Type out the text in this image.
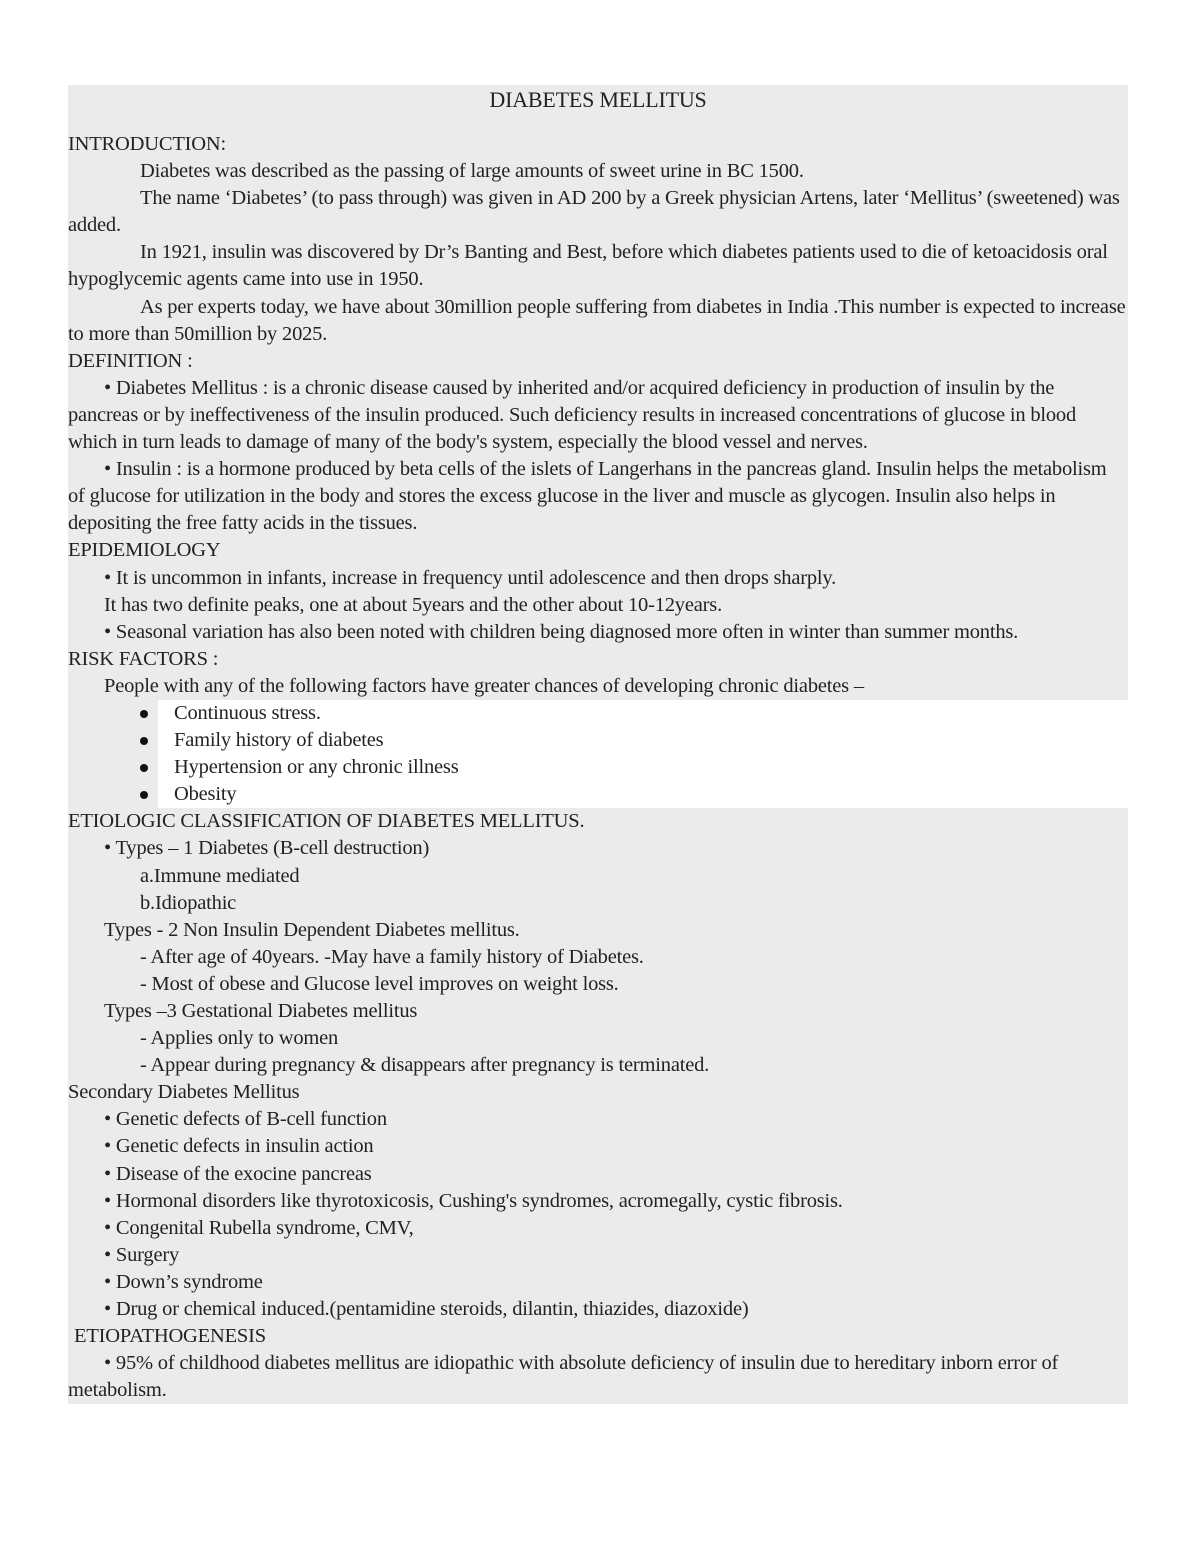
DIABETES MELLITUS
INTRODUCTION:
Diabetes was described as the passing of large amounts of sweet urine in BC 1500.
The name ‘Diabetes’ (to pass through) was given in AD 200 by a Greek physician Artens, later ‘Mellitus’ (sweetened) was added.
In 1921, insulin was discovered by Dr’s Banting and Best, before which diabetes patients used to die of ketoacidosis oral hypoglycemic agents came into use in 1950.
As per experts today, we have about 30million people suffering from diabetes in India .This number is expected to increase to more than 50million by 2025.
DEFINITION :
• Diabetes Mellitus : is a chronic disease caused by inherited and/or acquired deficiency in production of insulin by the pancreas or by ineffectiveness of the insulin produced. Such deficiency results in increased concentrations of glucose in blood which in turn leads to damage of many of the body's system, especially the blood vessel and nerves.
• Insulin : is a hormone produced by beta cells of the islets of Langerhans in the pancreas gland. Insulin helps the metabolism of glucose for utilization in the body and stores the excess glucose in the liver and muscle as glycogen. Insulin also helps in depositing the free fatty acids in the tissues.
EPIDEMIOLOGY
• It is uncommon in infants, increase in frequency until adolescence and then drops sharply.
It has two definite peaks, one at about 5years and the other about 10-12years.
• Seasonal variation has also been noted with children being diagnosed more often in winter than summer months.
RISK FACTORS :
People with any of the following factors have greater chances of developing chronic diabetes –
Continuous stress.
Family history of diabetes
Hypertension or any chronic illness
Obesity
ETIOLOGIC CLASSIFICATION OF DIABETES MELLITUS.
• Types – 1 Diabetes (B-cell destruction)
a.Immune mediated
b.Idiopathic
Types - 2 Non Insulin Dependent Diabetes mellitus.
- After age of 40years. -May have a family history of Diabetes.
- Most of obese and Glucose level improves on weight loss.
Types –3 Gestational Diabetes mellitus
- Applies only to women
- Appear during pregnancy & disappears after pregnancy is terminated.
Secondary Diabetes Mellitus
• Genetic defects of B-cell function
• Genetic defects in insulin action
• Disease of the exocine pancreas
• Hormonal disorders like thyrotoxicosis, Cushing's syndromes, acromegally, cystic fibrosis.
• Congenital Rubella syndrome, CMV,
• Surgery
• Down’s syndrome
• Drug or chemical induced.(pentamidine steroids, dilantin, thiazides, diazoxide)
ETIOPATHOGENESIS
• 95% of childhood diabetes mellitus are idiopathic with absolute deficiency of insulin due to hereditary inborn error of metabolism.
